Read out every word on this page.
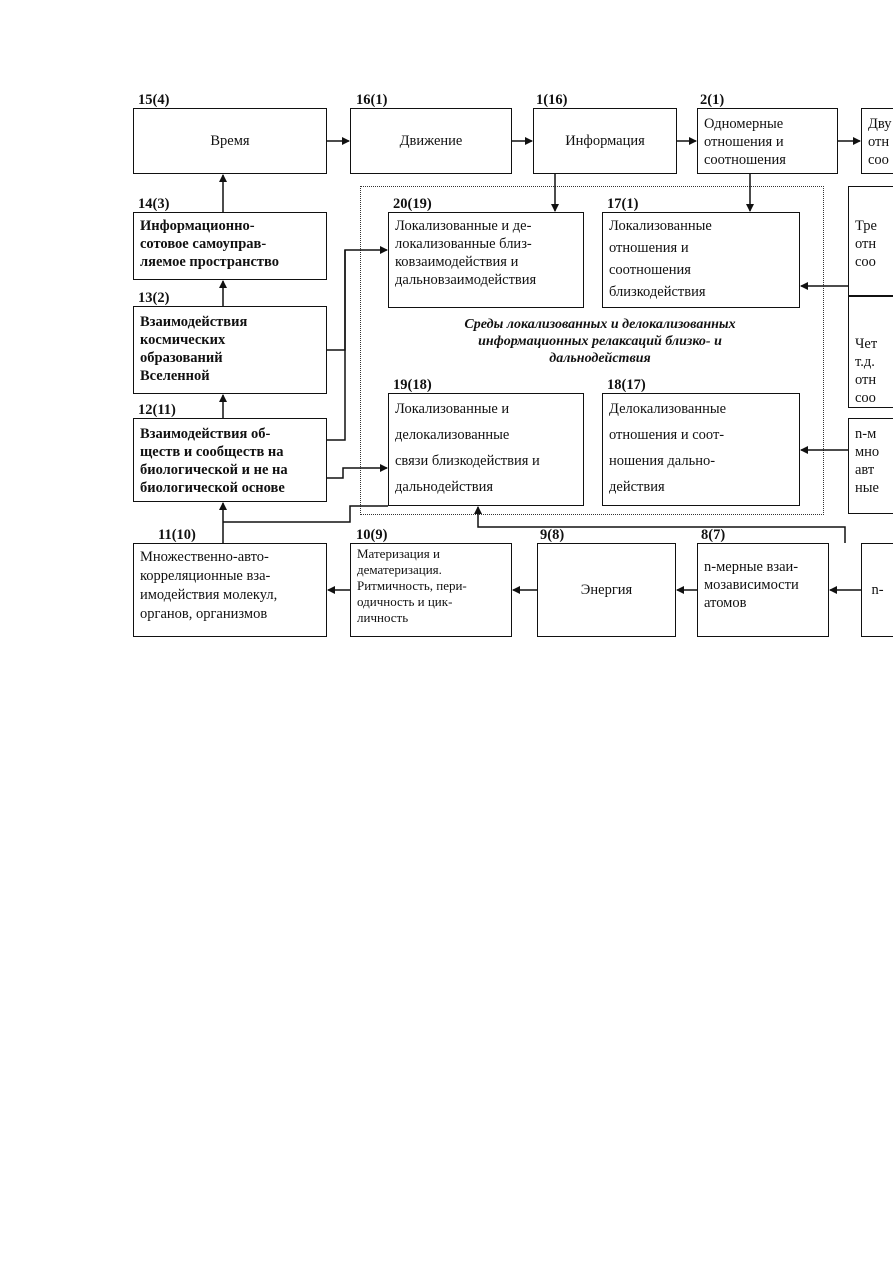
15(4)	16(1)	1(16)	2(1)
14(3)
13(2)
12(11)
20(19)	17(1)
19(18)	18(17)
11(10)	10(9)	9(8)	8(7)
Время	Движение	Информация
Одномерные
отношения и
соотношения
Дву
отн
соо
Информационно-
сотовое самоуправ-
ляемое пространство
Взаимодействия
космических
образований
Вселенной
Взаимодействия об-
ществ и сообществ на
биологической и не на
биологической основе
Локализованные и де-
локализованные близ-
ковзаимодействия и
дальновзаимодействия
Локализованные
отношения и
соотношения
близкодействия
Локализованные и
делокализованные
связи близкодействия и
дальнодействия
Делокализованные
отношения и соот-
ношения дально-
действия
Тре
отн
соо
Чет
т.д.
отн
соо
n-м
мно
авт
ные
Множественно-авто-
корреляционные вза-
имодействия молекул,
органов, организмов
Материзация и
дематеризация.
Ритмичность, пери-
одичность и цик-
личность
Энергия
n-мерные взаи-
мозависимости
атомов
n-
Среды локализованных и делокализованных
информационных релаксаций близко- и
дальнодействия
